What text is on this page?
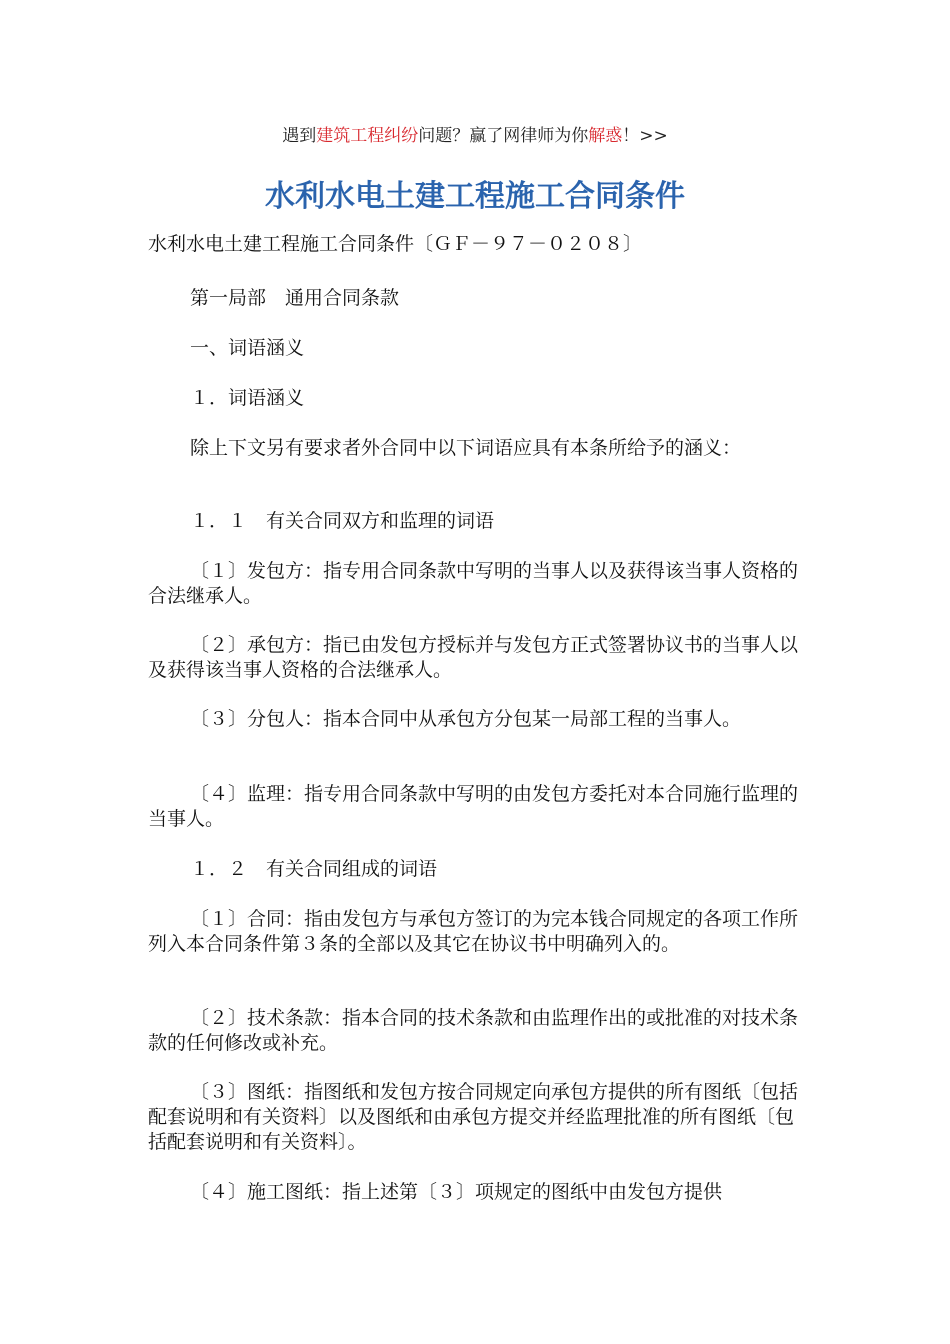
遇到建筑工程纠纷问题？赢了网律师为你解惑！>>
水利水电土建工程施工合同条件

水利水电土建工程施工合同条件〔ＧＦ－９７－０２０８〕

第一局部　通用合同条款

一、词语涵义

１．词语涵义

除上下文另有要求者外合同中以下词语应具有本条所给予的涵义：

１．１　有关合同双方和监理的词语

〔１〕发包方：指专用合同条款中写明的当事人以及获得该当事人资格的合法继承人。

〔２〕承包方：指已由发包方授标并与发包方正式签署协议书的当事人以及获得该当事人资格的合法继承人。

〔３〕分包人：指本合同中从承包方分包某一局部工程的当事人。

〔４〕监理：指专用合同条款中写明的由发包方委托对本合同施行监理的当事人。

１．２　有关合同组成的词语

〔１〕合同：指由发包方与承包方签订的为完本钱合同规定的各项工作所列入本合同条件第３条的全部以及其它在协议书中明确列入的。

〔２〕技术条款：指本合同的技术条款和由监理作出的或批准的对技术条款的任何修改或补充。

〔３〕图纸：指图纸和发包方按合同规定向承包方提供的所有图纸〔包括配套说明和有关资料〕以及图纸和由承包方提交并经监理批准的所有图纸〔包括配套说明和有关资料〕。

〔４〕施工图纸：指上述第〔３〕项规定的图纸中由发包方提供
